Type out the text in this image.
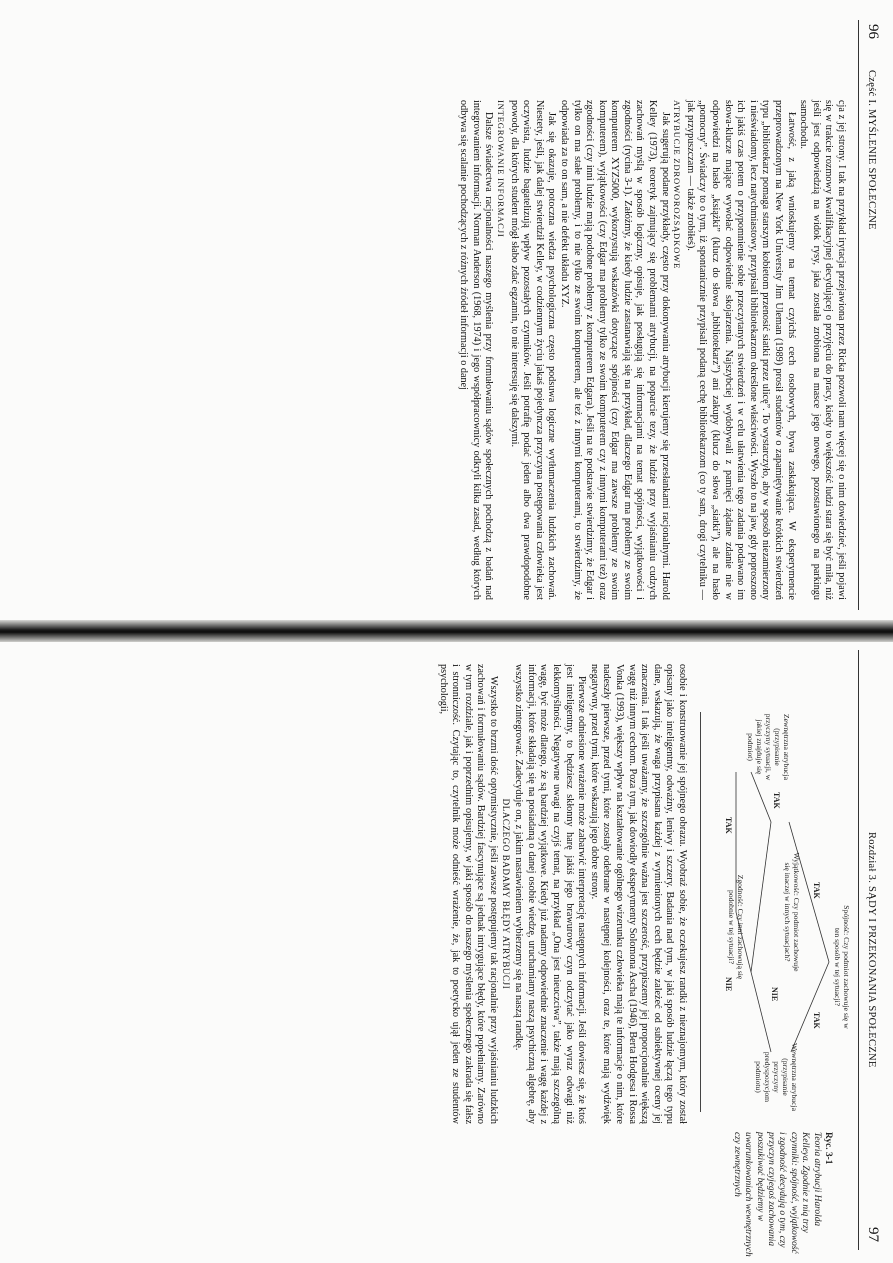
96
Część I. MYŚLENIE SPOŁECZNE

cja z jej strony. I tak na przykład irytacja przejawiona przez Ricka pozwoli nam więcej się o nim dowiedzieć, jeśli pojawi się w trakcie rozmowy kwalifikacyjnej decydującej o przyjęciu do pracy, kiedy to większość ludzi stara się być miła, niż jeśli jest odpowiedzią na widok rysy, jaka została zrobiona na masce jego nowego, pozostawionego na parkingu samochodu.

Łatwość, z jaką wnioskujemy na temat czyichś cech osobowych, bywa zaskakująca. W eksperymencie przeprowadzonym na New York University Jim Uleman (1989) prosił studentów o zapamiętywanie krótkich stwierdzeń typu „bibliotekarz pomaga starszym kobietom przenosić siatki przez ulicę”. To wystarczyło, aby w sposób niezamierzony i nieświadomy, lecz natychmiastowy, przypisali bibliotekarzom określone właściwości. Wyszło to na jaw, gdy poproszono ich jakiś czas potem o przypomnienie sobie przeczytanych stwierdzeń i w celu ułatwienia tego zadania podawano im słowa-klucze mające wywołać odpowiednie skojarzenia. Najszybciej wydobywali z pamięci żądane zdanie nie w odpowiedzi na hasło „książki” (klucz do słowa „bibliotekarz”) ani zakupy (klucz do słowa „siatki”), ale na hasło „pomocny”. Świadczy to o tym, iż spontanicznie przypisali podaną cechę bibliotekarzom (co ty sam, drogi czytelniku — jak przypuszczam — także zrobiłeś).

ATRYBUCJE ZDROWOROZSĄDKOWE

Jak sugerują podane przykłady, często przy dokonywaniu atrybucji kierujemy się przesłankami racjonalnymi. Harold Kelley (1973), teoretyk zajmujący się problemami atrybucji, na poparcie tezy, że ludzie przy wyjaśnianiu cudzych zachowań myślą w sposób logiczny, opisuje, jak posługują się informacjami na temat spójności, wyjątkowości i zgodności (rycina 3-1). Załóżmy, że kiedy ludzie zastanawiają się na przykład, dlaczego Edgar ma problemy ze swoim komputerem XYZ5000, wykorzystują wskazówki dotyczące spójności (czy Edgar ma zawsze problemy ze swoim komputerem), wyjątkowości (czy Edgar ma problemy tylko ze swoim komputerem czy z innymi komputerami też) oraz zgodności (czy inni ludzie mają podobne problemy z komputerem Edgara). Jeśli na te podstawie stwierdzimy, że Edgar i tylko on ma stałe problemy, i to nie tylko ze swoim komputerem, ale też z innymi komputerami, to stwierdzimy, że odpowiada za to on sam, a nie defekt układu XYZ.

Jak się okazuje, potoczna wiedza psychologiczna często podsuwa logiczne wytłumaczenia ludzkich zachowań. Niestety, jeśli, jak dalej stwierdził Kelley, w codziennym życiu jakaś pojedyncza przyczyna postępowania człowieka jest oczywista, ludzie bagatelizują wpływ pozostałych czynników. Jeśli potrafię podać jeden albo dwa prawdopodobne powody, dla których student mógł słabo zdać egzamin, to nie interesuję się dalszymi.

INTEGROWANIE INFORMACJI

Dalsze świadectwa racjonalności naszego myślenia przy formułowaniu sądów społecznych pochodzą z badań nad integrowaniem informacji. Norman Anderson (1968, 1974) i jego współpracownicy odkryli kilka zasad, według których odbywa się scalanie pochodzących z różnych źródeł informacji o danej

Rozdział 3. SĄDY I PRZEKONANIA SPOŁECZNE
97
Spójność: Czy podmiot zachowuje się w ten sposób w tej sytuacji?
Wyjątkowość: Czy podmiot zachowuje się inaczej w innych sytuacjach?
Zgodność: Czy inni zachowują się podobnie w tej sytuacji?
Zewnętrzna atrybucja (przypisanie przyczyny sytuacji, w jakiej znajduje się podmiot)
Wewnętrzna atrybucja (przypisanie przyczyny predyspozycjom podmiotu)
TAK
TAK
TAK
TAK
NIE
NIE
Ryc. 3-1
Teoria atrybucji Harolda Kelleya. Zgodnie z nią trzy czynniki: spójność, wyjątkowość i zgodność decydują o tym, czy przyczyn czyjegoś zachowania poszukiwać będziemy w uwarunkowaniach wewnętrznych czy zewnętrznych

osobie i konstruowanie jej spójnego obrazu. Wyobraź sobie, że oczekujesz randki z nieznajomym, który został opisany jako inteligentny, odważny, leniwy i szczery. Badania nad tym, w jaki sposób ludzie łączą tego typu dane, wskazują, że waga przypisana każdej z wymienionych cech będzie zależeć od subiektywnej oceny jej znaczenia. I tak jeśli uważamy, że szczególnie ważna jest szczerość, przypiszemy jej proporcjonalnie większą wagę niż innym cechom. Poza tym, jak dowiodły eksperymenty Solomona Ascha (1946), Berta Hodgesa i Rossa Vonka (1993), większy wpływ na kształtowanie ogólnego wizerunku człowieka mają te informacje o nim, które nadeszły pierwsze, przed tymi, które zostały odebrane w następnej kolejności, oraz te, które mają wydźwięk negatywny, przed tymi, które wskazują jego dobre strony.

Pierwsze odniesione wrażenie może zabarwić interpretację następnych informacji. Jeśli dowiesz się, że ktoś jest inteligentny, to będziesz skłonny harę jakiś jego brawurowy czyn odczytać jako wyraz odwagi niż lekkomyślności. Negatywne uwagi na czyjś temat, na przykład „Ona jest nieuczciwa”, także mają szczególną wagę, być może dlatego, że są bardziej wyjątkowe. Kiedy już nadamy odpowiednie znaczenie i wagę każdej z informacji, które składają się na posiadaną o danej osobie wiedzę, uruchamiamy naszą psychiczną algebrę, aby wszystko zintegrować. Zadecyduje on, z jakim nastawieniem wybierzemy się na naszą randkę.

DLACZEGO BADAMY BŁĘDY ATRYBUCJI

Wszystko to brzmi dość optymistycznie, jeśli zawsze postępujemy tak racjonalnie przy wyjaśnianiu ludzkich zachowań i formułowaniu sądów. Bardziej fascynujące są jednak intrygujące błędy, które popełniamy. Zarówno w tym rozdziale, jak i poprzednim opisujemy, w jaki sposób do naszego myślenia społecznego zakrada się fałsz i stronniczość. Czytając to, czytelnik może odnieść wrażenie, że, jak to poetycko ujął jeden ze studentów psychologii,
